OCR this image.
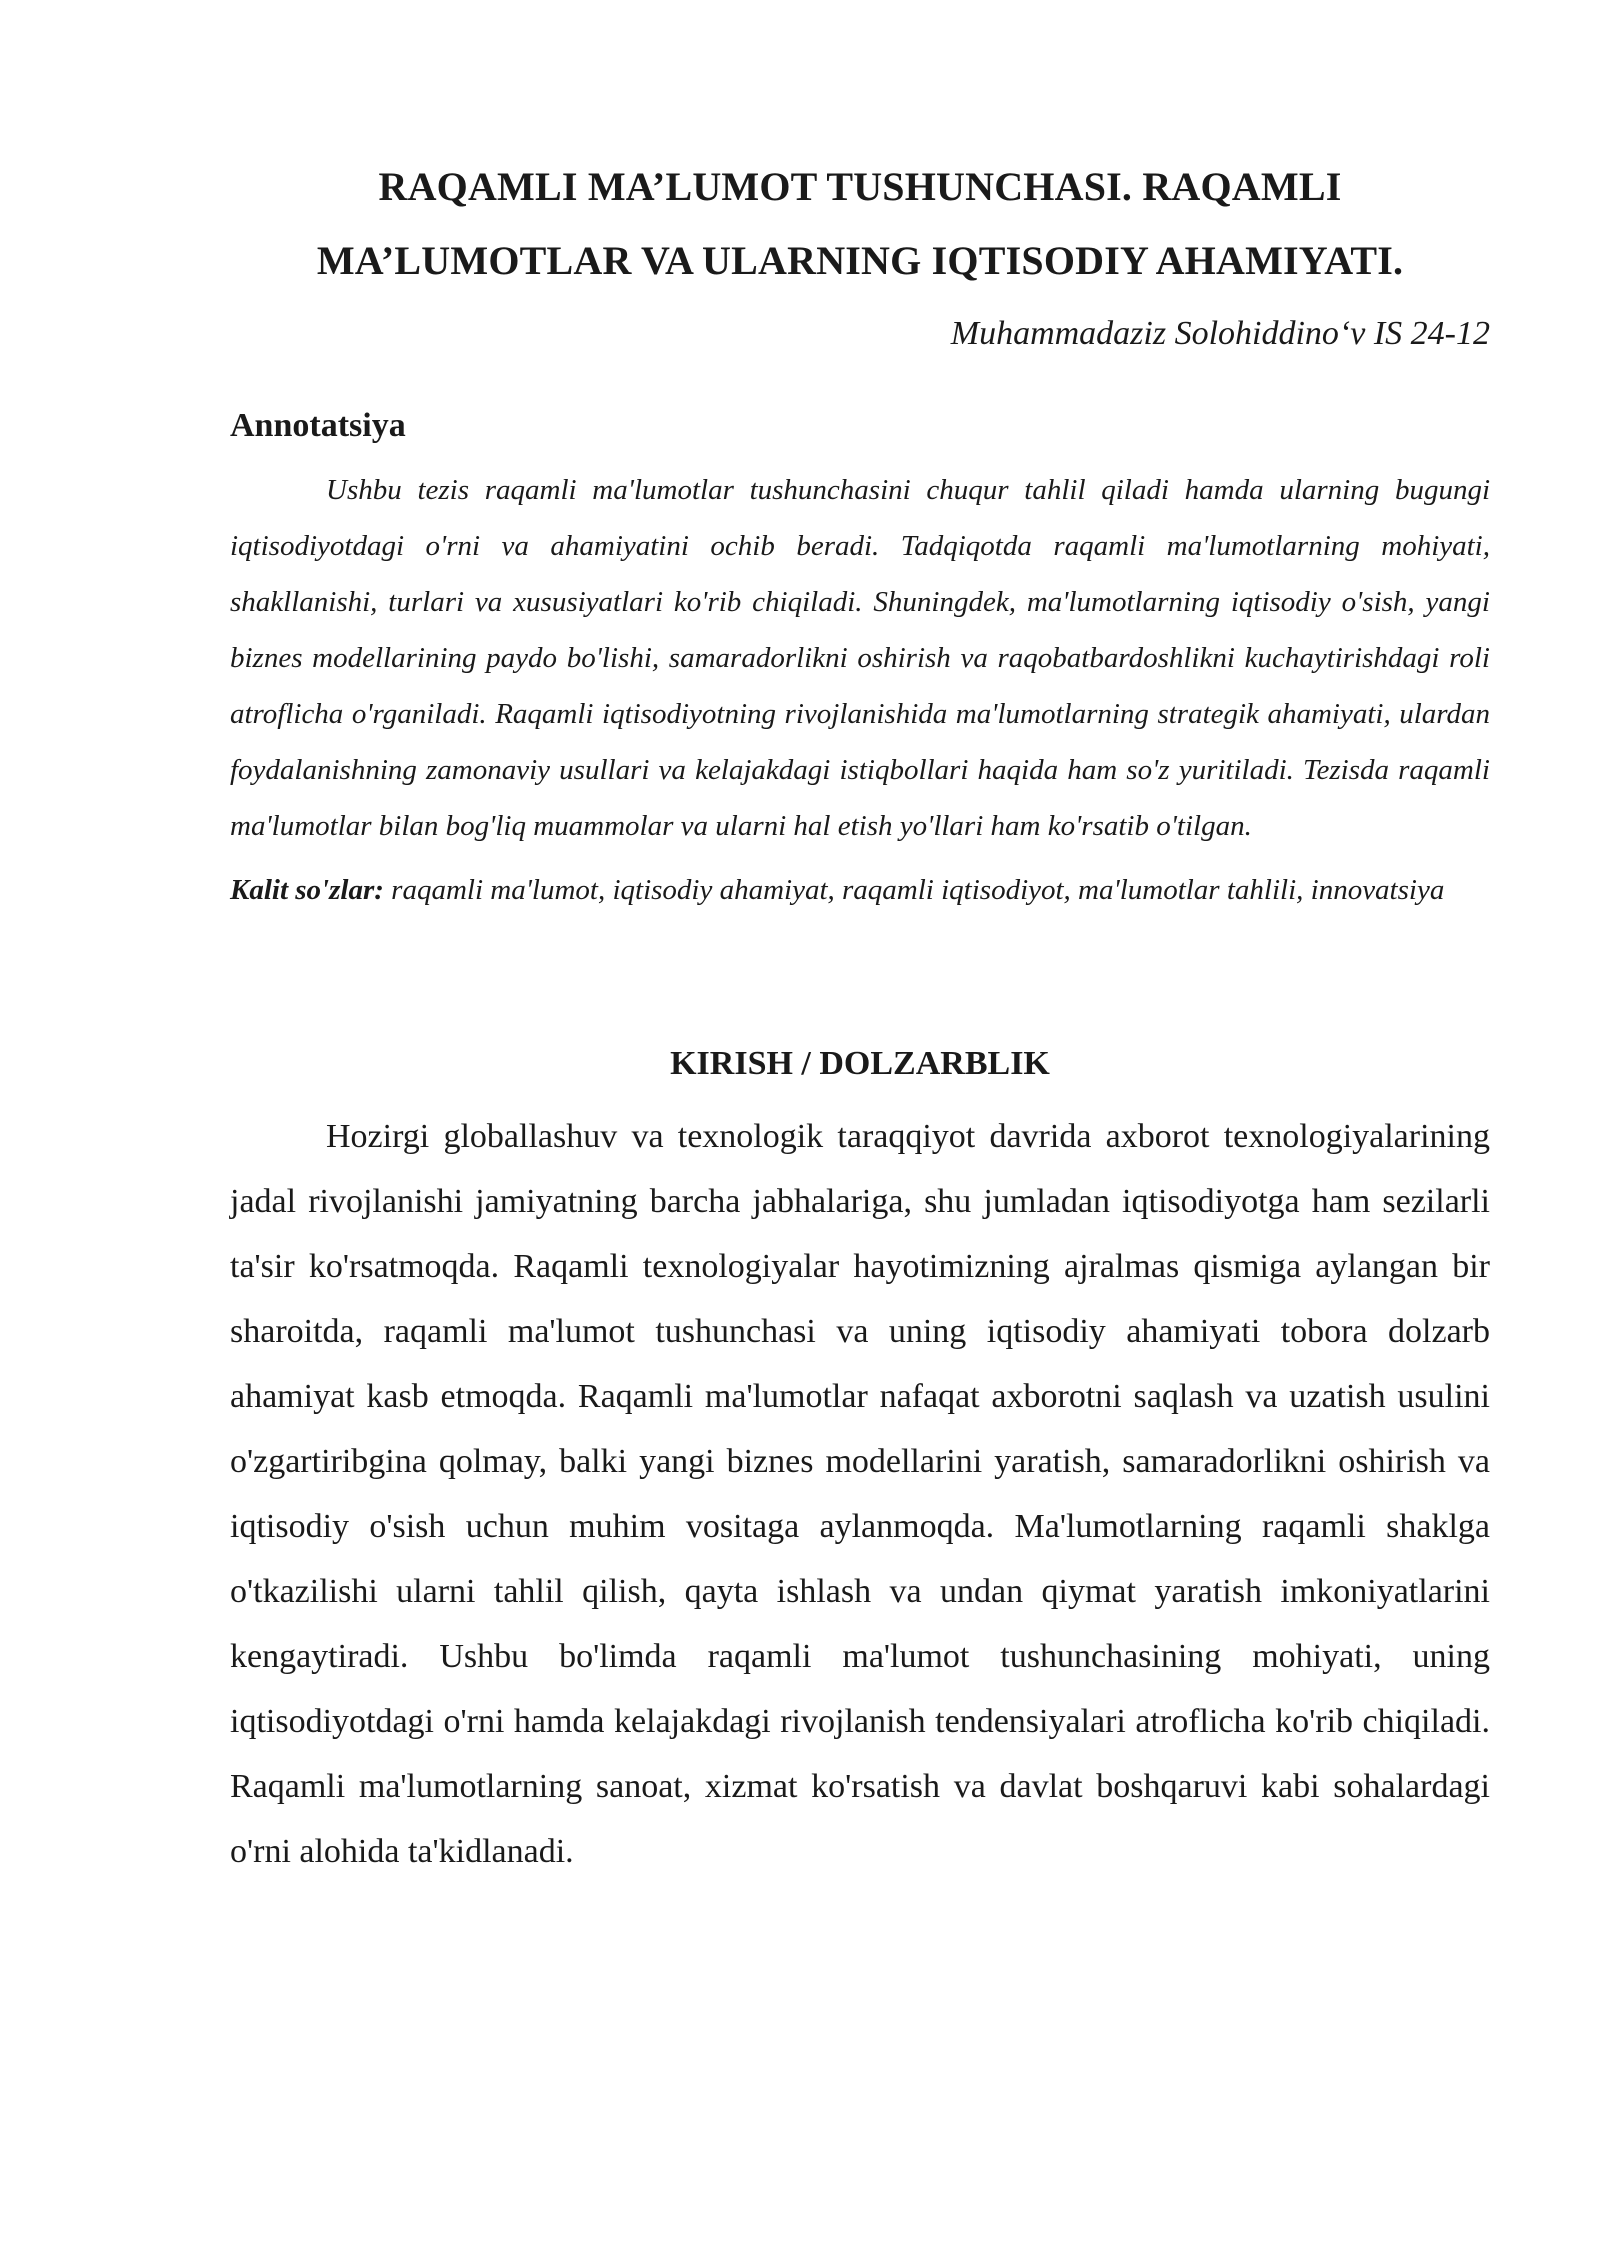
RAQAMLI MA’LUMOT TUSHUNCHASI. RAQAMLI

MA’LUMOTLAR VA ULARNING IQTISODIY AHAMIYATI.

Muhammadaziz Solohiddino‘v IS 24-12
Annotatsiya
Ushbu tezis raqamli ma'lumotlar tushunchasini chuqur tahlil qiladi hamda ularning bugungi iqtisodiyotdagi o'rni va ahamiyatini ochib beradi. Tadqiqotda raqamli ma'lumotlarning mohiyati, shakllanishi, turlari va xususiyatlari ko'rib chiqiladi. Shuningdek, ma'lumotlarning iqtisodiy o'sish, yangi biznes modellarining paydo bo'lishi, samaradorlikni oshirish va raqobatbardoshlikni kuchaytirishdagi roli atroflicha o'rganiladi. Raqamli iqtisodiyotning rivojlanishida ma'lumotlarning strategik ahamiyati, ulardan foydalanishning zamonaviy usullari va kelajakdagi istiqbollari haqida ham so'z yuritiladi. Tezisda raqamli ma'lumotlar bilan bog'liq muammolar va ularni hal etish yo'llari ham ko'rsatib o'tilgan.
Kalit so'zlar: raqamli ma'lumot, iqtisodiy ahamiyat, raqamli iqtisodiyot, ma'lumotlar tahlili, innovatsiya
KIRISH / DOLZARBLIK
Hozirgi globallashuv va texnologik taraqqiyot davrida axborot texnologiyalarining jadal rivojlanishi jamiyatning barcha jabhalariga, shu jumladan iqtisodiyotga ham sezilarli ta'sir ko'rsatmoqda. Raqamli texnologiyalar hayotimizning ajralmas qismiga aylangan bir sharoitda, raqamli ma'lumot tushunchasi va uning iqtisodiy ahamiyati tobora dolzarb ahamiyat kasb etmoqda. Raqamli ma'lumotlar nafaqat axborotni saqlash va uzatish usulini o'zgartiribgina qolmay, balki yangi biznes modellarini yaratish, samaradorlikni oshirish va iqtisodiy o'sish uchun muhim vositaga aylanmoqda. Ma'lumotlarning raqamli shaklga o'tkazilishi ularni tahlil qilish, qayta ishlash va undan qiymat yaratish imkoniyatlarini kengaytiradi. Ushbu bo'limda raqamli ma'lumot tushunchasining mohiyati, uning iqtisodiyotdagi o'rni hamda kelajakdagi rivojlanish tendensiyalari atroflicha ko'rib chiqiladi. Raqamli ma'lumotlarning sanoat, xizmat ko'rsatish va davlat boshqaruvi kabi sohalardagi o'rni alohida ta'kidlanadi.
